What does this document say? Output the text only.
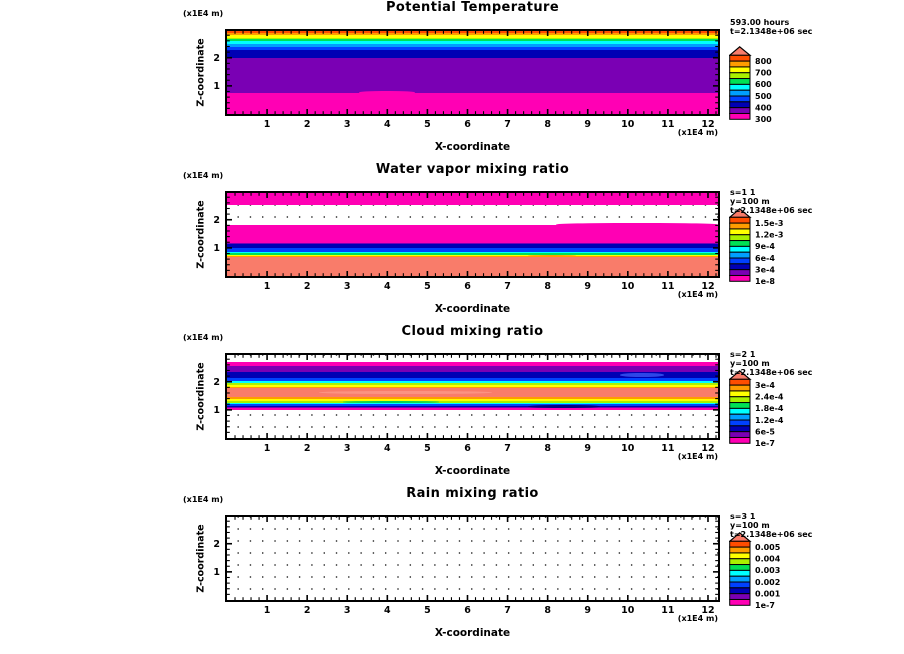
Potential Temperature
(x1E4 m)
Z-coordinate
(x1E4 m)
X-coordinate
800
700
600
500
400
300
1	2	3	4	5	6	7	8	9	10	11	12
1
2
593.00 hours
t=2.1348e+06 sec
Water vapor mixing ratio
(x1E4 m)
Z-coordinate
(x1E4 m)
X-coordinate
1.5e-3
1.2e-3
9e-4
6e-4
3e-4
1e-8
1	2	3	4	5	6	7	8	9	10	11	12
1
2
s=1 1
y=100 m
t=2.1348e+06 sec
Cloud mixing ratio
(x1E4 m)
Z-coordinate
(x1E4 m)
X-coordinate
3e-4
2.4e-4
1.8e-4
1.2e-4
6e-5
1e-7
1	2	3	4	5	6	7	8	9	10	11	12
1
2
s=2 1
y=100 m
t=2.1348e+06 sec
Rain mixing ratio
(x1E4 m)
Z-coordinate
(x1E4 m)
X-coordinate
0.005
0.004
0.003
0.002
0.001
1e-7
1	2	3	4	5	6	7	8	9	10	11	12
1
2
s=3 1
y=100 m
t=2.1348e+06 sec
